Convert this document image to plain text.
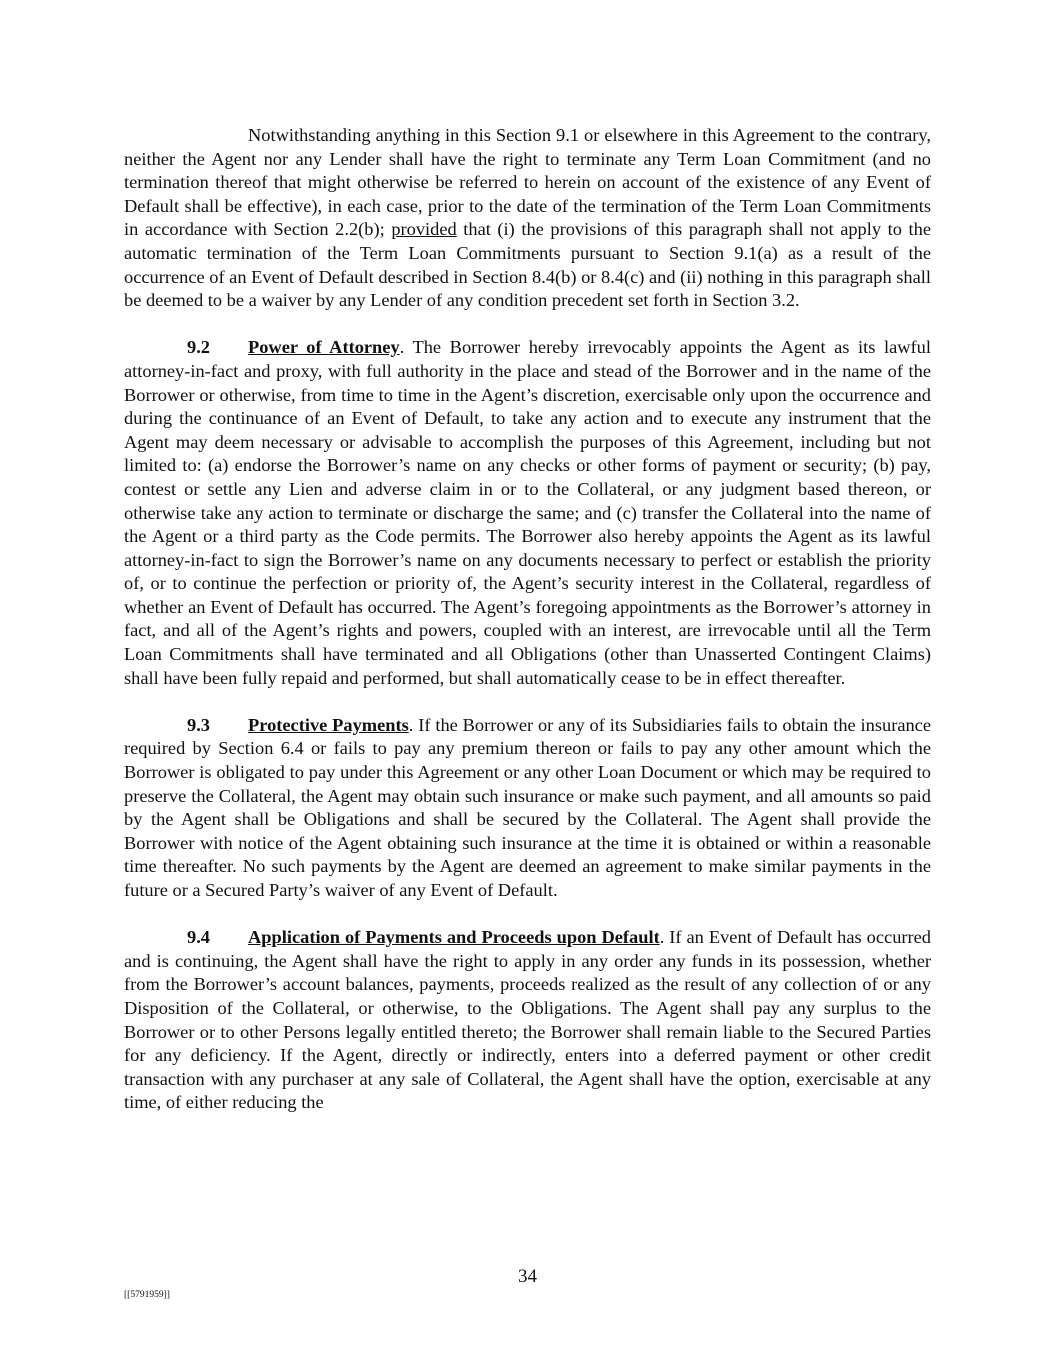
Notwithstanding anything in this Section 9.1 or elsewhere in this Agreement to the contrary, neither the Agent nor any Lender shall have the right to terminate any Term Loan Commitment (and no termination thereof that might otherwise be referred to herein on account of the existence of any Event of Default shall be effective), in each case, prior to the date of the termination of the Term Loan Commitments in accordance with Section 2.2(b); provided that (i) the provisions of this paragraph shall not apply to the automatic termination of the Term Loan Commitments pursuant to Section 9.1(a) as a result of the occurrence of an Event of Default described in Section 8.4(b) or 8.4(c) and (ii) nothing in this paragraph shall be deemed to be a waiver by any Lender of any condition precedent set forth in Section 3.2.

9.2 Power of Attorney. The Borrower hereby irrevocably appoints the Agent as its lawful attorney-in-fact and proxy, with full authority in the place and stead of the Borrower and in the name of the Borrower or otherwise, from time to time in the Agent’s discretion, exercisable only upon the occurrence and during the continuance of an Event of Default, to take any action and to execute any instrument that the Agent may deem necessary or advisable to accomplish the purposes of this Agreement, including but not limited to: (a) endorse the Borrower’s name on any checks or other forms of payment or security; (b) pay, contest or settle any Lien and adverse claim in or to the Collateral, or any judgment based thereon, or otherwise take any action to terminate or discharge the same; and (c) transfer the Collateral into the name of the Agent or a third party as the Code permits. The Borrower also hereby appoints the Agent as its lawful attorney-in-fact to sign the Borrower’s name on any documents necessary to perfect or establish the priority of, or to continue the perfection or priority of, the Agent’s security interest in the Collateral, regardless of whether an Event of Default has occurred. The Agent’s foregoing appointments as the Borrower’s attorney in fact, and all of the Agent’s rights and powers, coupled with an interest, are irrevocable until all the Term Loan Commitments shall have terminated and all Obligations (other than Unasserted Contingent Claims) shall have been fully repaid and performed, but shall automatically cease to be in effect thereafter.

9.3 Protective Payments. If the Borrower or any of its Subsidiaries fails to obtain the insurance required by Section 6.4 or fails to pay any premium thereon or fails to pay any other amount which the Borrower is obligated to pay under this Agreement or any other Loan Document or which may be required to preserve the Collateral, the Agent may obtain such insurance or make such payment, and all amounts so paid by the Agent shall be Obligations and shall be secured by the Collateral. The Agent shall provide the Borrower with notice of the Agent obtaining such insurance at the time it is obtained or within a reasonable time thereafter. No such payments by the Agent are deemed an agreement to make similar payments in the future or a Secured Party’s waiver of any Event of Default.

9.4 Application of Payments and Proceeds upon Default. If an Event of Default has occurred and is continuing, the Agent shall have the right to apply in any order any funds in its possession, whether from the Borrower’s account balances, payments, proceeds realized as the result of any collection of or any Disposition of the Collateral, or otherwise, to the Obligations. The Agent shall pay any surplus to the Borrower or to other Persons legally entitled thereto; the Borrower shall remain liable to the Secured Parties for any deficiency. If the Agent, directly or indirectly, enters into a deferred payment or other credit transaction with any purchaser at any sale of Collateral, the Agent shall have the option, exercisable at any time, of either reducing the

34
[[5791959]]
